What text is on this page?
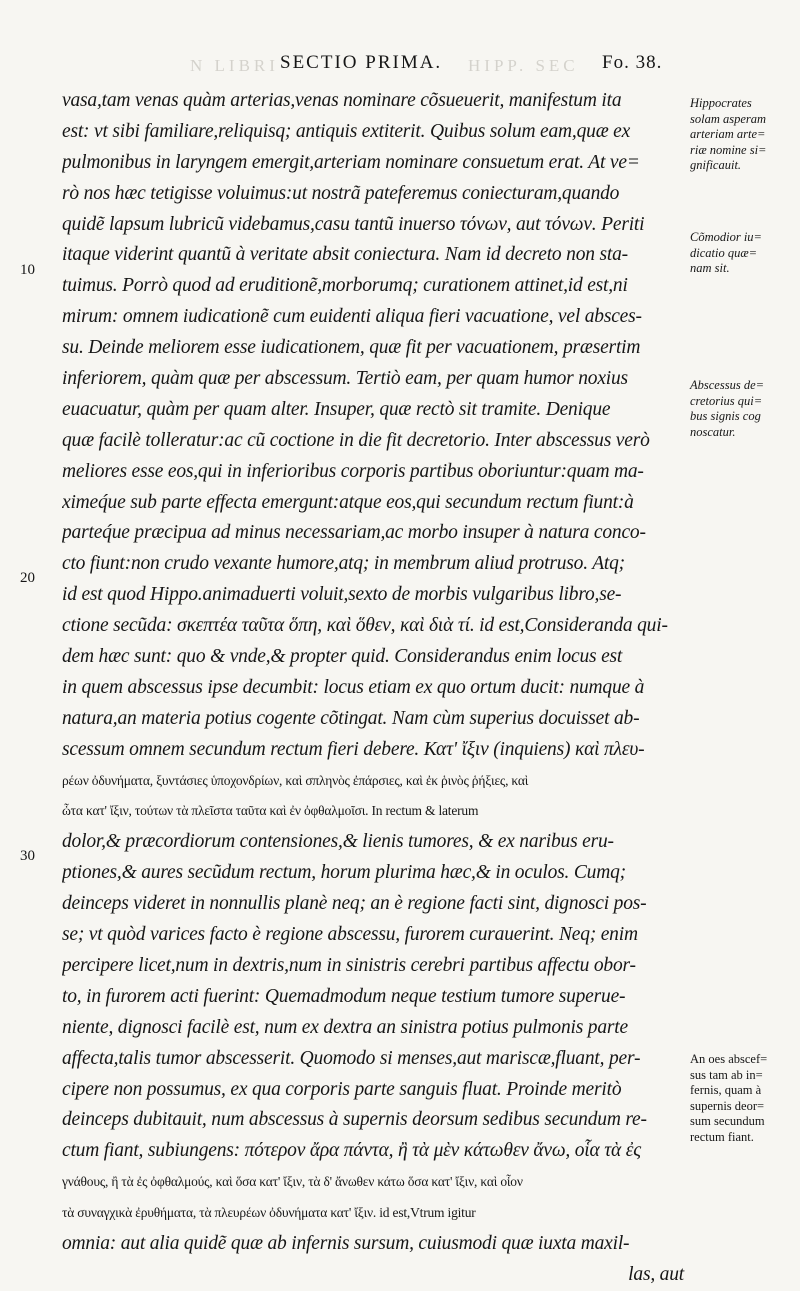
N LIBRI	HIPP. SEC
SECTIO PRIMA.	Fo. 38.
10
20
30
vasa,tam venas quàm arterias,venas nominare cõsueuerit, manifestum ita
est: vt sibi familiare,reliquisq; antiquis extiterit. Quibus solum eam,quæ ex
pulmonibus in laryngem emergit,arteriam nominare consuetum erat. At ve=
rò nos hæc tetigisse voluimus:ut nostrã pateferemus coniecturam,quando
quidẽ lapsum lubricũ videbamus,casu tantũ inuerso τόνων, aut τόνων. Periti
itaque viderint quantũ à veritate absit coniectura. Nam id decreto non sta-
tuimus. Porrò quod ad eruditionẽ,morborumq; curationem attinet,id est,ni
mirum: omnem iudicationẽ cum euidenti aliqua fieri vacuatione, vel absces-
su. Deinde meliorem esse iudicationem, quæ fit per vacuationem, præsertim
inferiorem, quàm quæ per abscessum. Tertiò eam, per quam humor noxius
euacuatur, quàm per quam alter. Insuper, quæ rectò sit tramite. Denique
quæ facilè tolleratur:ac cũ coctione in die fit decretorio. Inter abscessus verò
meliores esse eos,qui in inferioribus corporis partibus oboriuntur:quam ma-
ximeq́ue sub parte effecta emergunt:atque eos,qui secundum rectum fiunt:à
parteq́ue præcipua ad minus necessariam,ac morbo insuper à natura conco-
cto fiunt:non crudo vexante humore,atq; in membrum aliud protruso. Atq;
id est quod Hippo.animaduerti voluit,sexto de morbis vulgaribus libro,se-
ctione secũda: σκεπτέα ταῦτα ὅπη, καὶ ὅθεν, καὶ διὰ τί. id est,Consideranda qui-
dem hæc sunt: quo & vnde,& propter quid. Considerandus enim locus est
in quem abscessus ipse decumbit: locus etiam ex quo ortum ducit: numque à
natura,an materia potius cogente cõtingat. Nam cùm superius docuisset ab-
scessum omnem secundum rectum fieri debere. Κατ' ἴξιν (inquiens) καὶ πλευ-
ρέων ὀδυνήματα, ξυντάσιες ὑποχονδρίων, καὶ σπληνὸς ἐπάρσιες, καὶ ἐκ ῥινὸς ῥήξιες, καὶ
ὦτα κατ' ἴξιν, τούτων τὰ πλεῖστα ταῦτα καὶ ἐν ὀφθαλμοῖσι. In rectum & laterum
dolor,& præcordiorum contensiones,& lienis tumores, & ex naribus eru-
ptiones,& aures secũdum rectum, horum plurima hæc,& in oculos. Cumq;
deinceps videret in nonnullis planè neq; an è regione facti sint, dignosci pos-
se; vt quòd varices facto è regione abscessu, furorem curauerint. Neq; enim
percipere licet,num in dextris,num in sinistris cerebri partibus affectu obor-
to, in furorem acti fuerint: Quemadmodum neque testium tumore superue-
niente, dignosci facilè est, num ex dextra an sinistra potius pulmonis parte
affecta,talis tumor abscesserit. Quomodo si menses,aut mariscæ,fluant, per-
cipere non possumus, ex qua corporis parte sanguis fluat. Proinde meritò
deinceps dubitauit, num abscessus à supernis deorsum sedibus secundum re-
ctum fiant, subiungens: πότερον ἄρα πάντα, ἢ τὰ μὲν κάτωθεν ἄνω, οἷα τὰ ἐς
γνάθους, ἢ τὰ ἐς ὀφθαλμούς, καὶ ὅσα κατ' ἴξιν, τὰ δ' ἄνωθεν κάτω ὅσα κατ' ἴξιν, καὶ οἷον
τὰ συναγχικὰ ἐρυθήματα, τὰ πλευρέων ὀδυνήματα κατ' ἴξιν. id est,Vtrum igitur
omnia: aut alia quidẽ quæ ab infernis sursum, cuiusmodi quæ iuxta maxil-
las, aut
Hippocrates
solam asperam
arteriam arte=
riæ nomine si=
gnificauit.
Cõmodior iu=
dicatio quæ=
nam sit.
Abscessus de=
cretorius qui=
bus signis cog
noscatur.
An oes abscef=
sus tam ab in=
fernis, quam à
supernis deor=
sum secundum
rectum fiant.
